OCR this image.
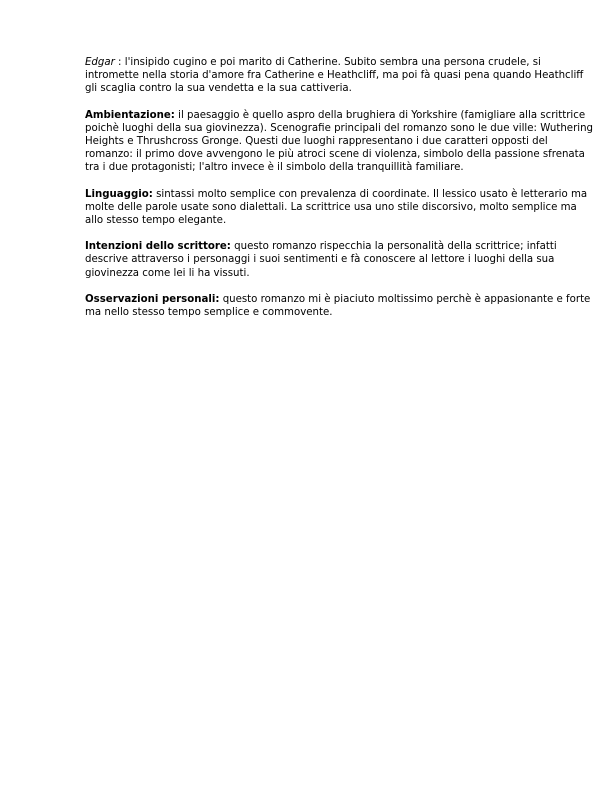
Edgar : l'insipido cugino e poi marito di Catherine. Subito sembra una persona crudele, si
intromette nella storia d'amore fra Catherine e Heathcliff, ma poi fà quasi pena quando Heathcliff
gli scaglia contro la sua vendetta e la sua cattiveria.

Ambientazione: il paesaggio è quello aspro della brughiera di Yorkshire (famigliare alla scrittrice
poichè luoghi della sua giovinezza). Scenografie principali del romanzo sono le due ville: Wuthering
Heights e Thrushcross Gronge. Questi due luoghi rappresentano i due caratteri opposti del
romanzo: il primo dove avvengono le più atroci scene di violenza, simbolo della passione sfrenata
tra i due protagonisti; l'altro invece è il simbolo della tranquillità familiare.

Linguaggio: sintassi molto semplice con prevalenza di coordinate. Il lessico usato è letterario ma
molte delle parole usate sono dialettali. La scrittrice usa uno stile discorsivo, molto semplice ma
allo stesso tempo elegante.

Intenzioni dello scrittore: questo romanzo rispecchia la personalità della scrittrice; infatti
descrive attraverso i personaggi i suoi sentimenti e fà conoscere al lettore i luoghi della sua
giovinezza come lei li ha vissuti.

Osservazioni personali: questo romanzo mi è piaciuto moltissimo perchè è appasionante e forte
ma nello stesso tempo semplice e commovente.
